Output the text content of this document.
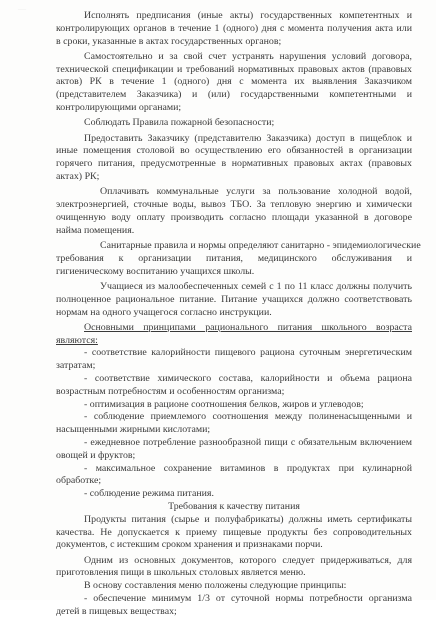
—
Исполнять предписания (иные акты) государственных компетентных и
контролирующих органов в течение 1 (одного) дня с момента получения акта или
в сроки, указанные в актах государственных органов;
Самостоятельно и за свой счет устранять нарушения условий договора,
технической спецификации и требований нормативных правовых актов (правовых
актов) РК в течение 1 (одного) дня с момента их выявления Заказчиком
(представителем Заказчика) и (или) государственными компетентными и
контролирующими органами;
Соблюдать Правила пожарной безопасности;
Предоставить Заказчику (представителю Заказчика) доступ в пищеблок и
иные помещения столовой во осуществлению его обязанностей в организации
горячего питания, предусмотренные в нормативных правовых актах (правовых
актах) РК;
Оплачивать коммунальные услуги за пользование холодной водой,
электроэнергией, сточные воды, вывоз ТБО. За тепловую энергию и химически
очищенную воду оплату производить согласно площади указанной в договоре
найма помещения.
Санитарные правила и нормы определяют санитарно - эпидемиологические
требования к организации питания, медицинского обслуживания и
гигиеническому воспитанию учащихся школы.
Учащиеся из малообеспеченных семей с 1 по 11 класс должны получить
полноценное рациональное питание. Питание учащихся должно соответствовать
нормам на одного учащегося согласно инструкции.
Основными принципами рационального питания школьного возраста
являются:
- соответствие калорийности пищевого рациона суточным энергетическим
затратам;
- соответствие химического состава, калорийности и объема рациона
возрастным потребностям и особенностям организма;
- оптимизация в рационе соотношения белков, жиров и углеводов;
- соблюдение приемлемого соотношения между полиненасыщенными и
насыщенными жирными кислотами;
- ежедневное потребление разнообразной пищи с обязательным включением
овощей и фруктов;
- максимальное сохранение витаминов в продуктах при кулинарной
обработке;
- соблюдение режима питания.
Требования к качеству питания
Продукты питания (сырье и полуфабрикаты) должны иметь сертификаты
качества. Не допускается к приему пищевые продукты без сопроводительных
документов, с истекшим сроком хранения и признаками порчи.
Одним из основных документов, которого следует придерживаться, для
приготовления пищи в школьных столовых является меню.
В основу составления меню положены следующие принципы:
- обеспечение минимум 1/3 от суточной нормы потребности организма
детей в пищевых веществах;
